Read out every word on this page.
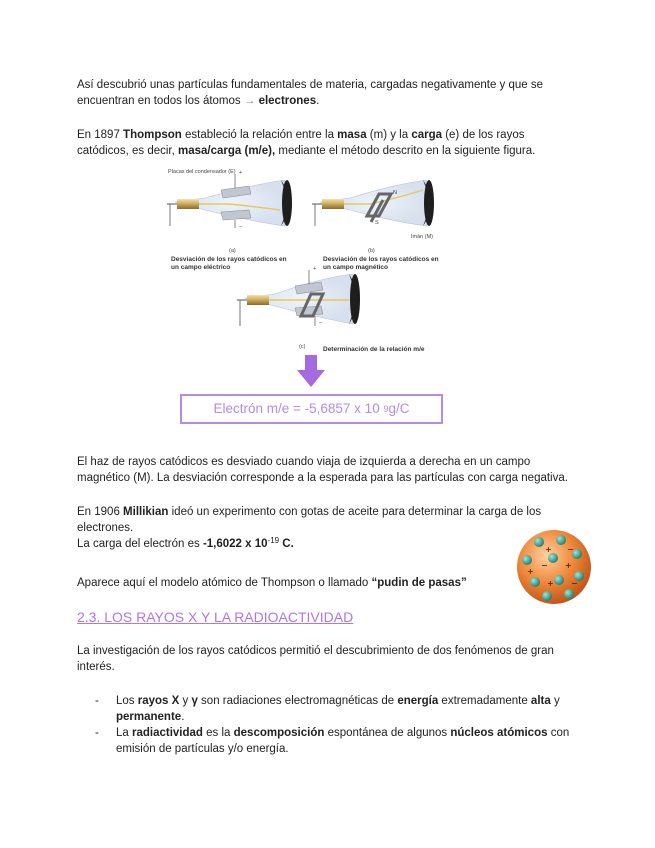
Así descubrió unas partículas fundamentales de materia, cargadas negativamente y que se encuentran en todos los átomos → electrones.

En 1897 Thompson estableció la relación entre la masa (m) y la carga (e) de los rayos catódicos, es decir, masa/carga (m/e), mediante el método descrito en la siguiente figura.

Placas del condensador (E)
Imán (M)
(a)	(b)
(c)
+
−
+
−
N
S
Desviación de los rayos catódicos en un campo eléctrico
Desviación de los rayos catódicos en un campo magnético
Determinación de la relación m/e
Electrón m/e = -5,6857 x 10
9 g/C

El haz de rayos catódicos es desviado cuando viaja de izquierda a derecha en un campo magnético (M). La desviación corresponde a la esperada para las partículas con carga negativa.

En 1906 Millikian ideó un experimento con gotas de aceite para determinar la carga de los electrones.
La carga del electrón es -1,6022 x $10^{-19}$ C.

Aparece aquí el modelo atómico de Thompson o llamado “pudin de pasas”

+ −
− +
+
+
−
2.3. LOS RAYOS X Y LA RADIOACTIVIDAD

La investigación de los rayos catódicos permitió el descubrimiento de dos fenómenos de gran interés.

- Los rayos X y γ son radiaciones electromagnéticas de energía extremadamente alta y permanente.
- La radiactividad es la descomposición espontánea de algunos núcleos atómicos con emisión de partículas y/o energía.
